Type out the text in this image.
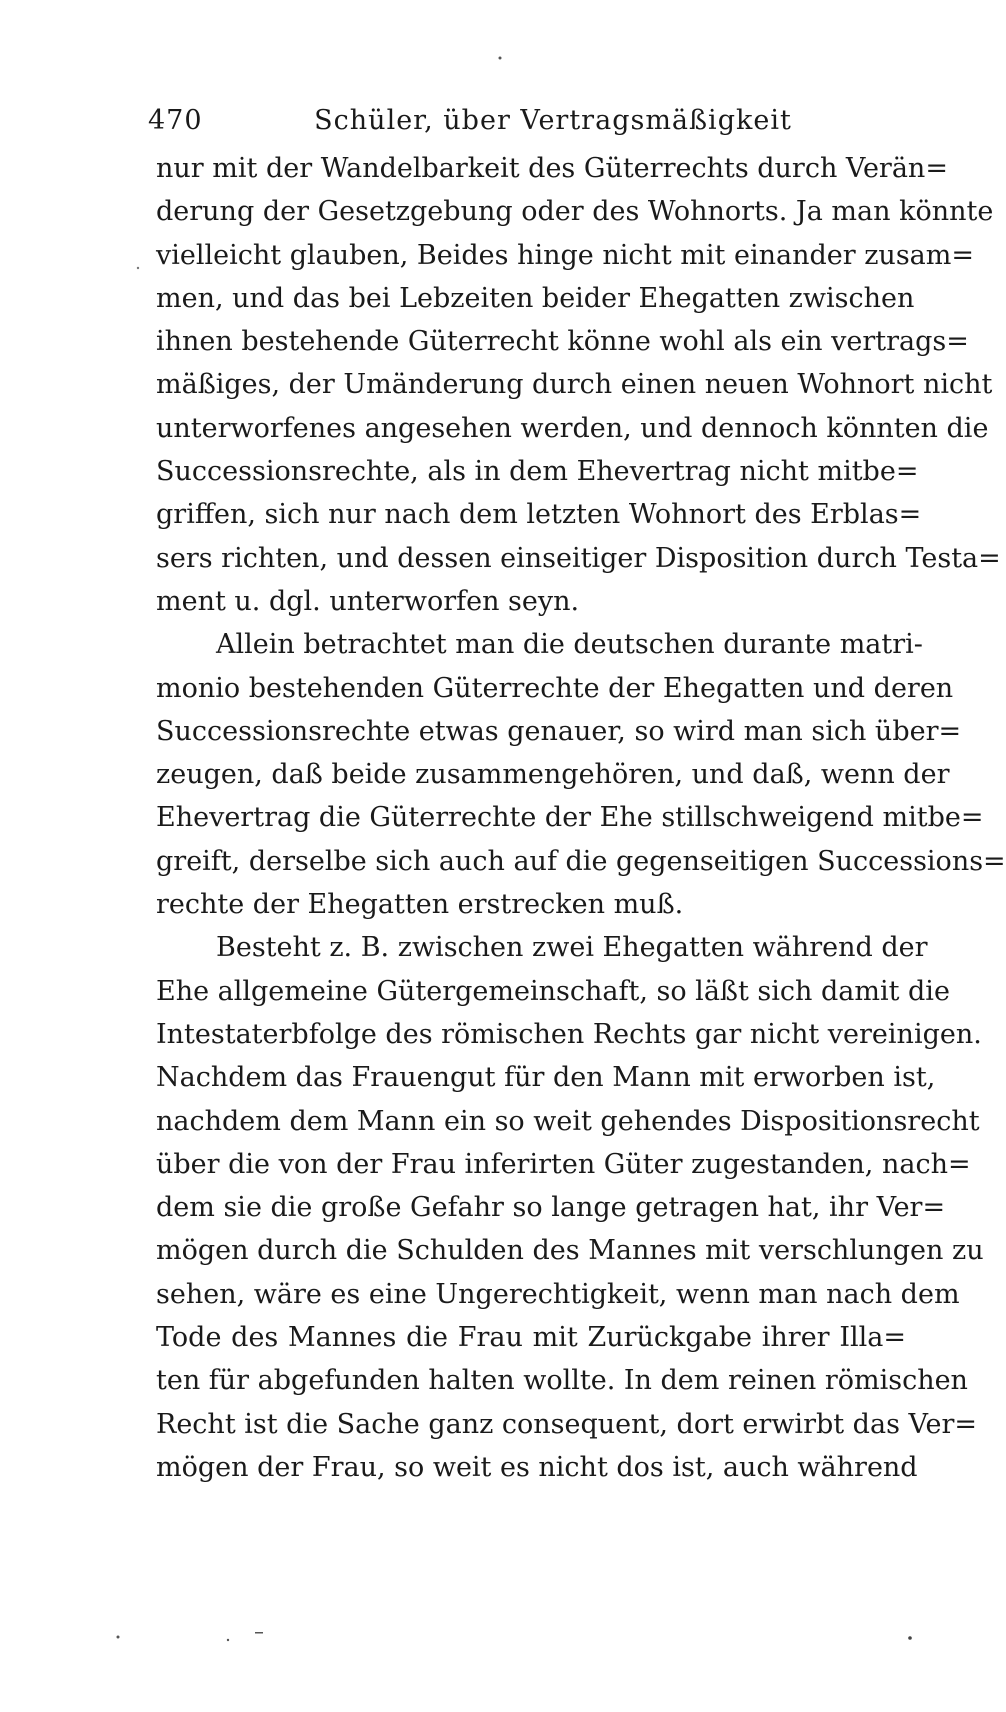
470	Schüler, über Vertragsmäßigkeit
nur mit der Wandelbarkeit des Güterrechts durch Verän=
derung der Gesetzgebung oder des Wohnorts. Ja man könnte
vielleicht glauben, Beides hinge nicht mit einander zusam=
men, und das bei Lebzeiten beider Ehegatten zwischen
ihnen bestehende Güterrecht könne wohl als ein vertrags=
mäßiges, der Umänderung durch einen neuen Wohnort nicht
unterworfenes angesehen werden, und dennoch könnten die
Successionsrechte, als in dem Ehevertrag nicht mitbe=
griffen, sich nur nach dem letzten Wohnort des Erblas=
sers richten, und dessen einseitiger Disposition durch Testa=
ment u. dgl. unterworfen seyn.
Allein betrachtet man die deutschen durante matri-
monio bestehenden Güterrechte der Ehegatten und deren
Successionsrechte etwas genauer, so wird man sich über=
zeugen, daß beide zusammengehören, und daß, wenn der
Ehevertrag die Güterrechte der Ehe stillschweigend mitbe=
greift, derselbe sich auch auf die gegenseitigen Successions=
rechte der Ehegatten erstrecken muß.
Besteht z. B. zwischen zwei Ehegatten während der
Ehe allgemeine Gütergemeinschaft, so läßt sich damit die
Intestaterbfolge des römischen Rechts gar nicht vereinigen.
Nachdem das Frauengut für den Mann mit erworben ist,
nachdem dem Mann ein so weit gehendes Dispositionsrecht
über die von der Frau inferirten Güter zugestanden, nach=
dem sie die große Gefahr so lange getragen hat, ihr Ver=
mögen durch die Schulden des Mannes mit verschlungen zu
sehen, wäre es eine Ungerechtigkeit, wenn man nach dem
Tode des Mannes die Frau mit Zurückgabe ihrer Illa=
ten für abgefunden halten wollte. In dem reinen römischen
Recht ist die Sache ganz consequent, dort erwirbt das Ver=
mögen der Frau, so weit es nicht dos ist, auch während
